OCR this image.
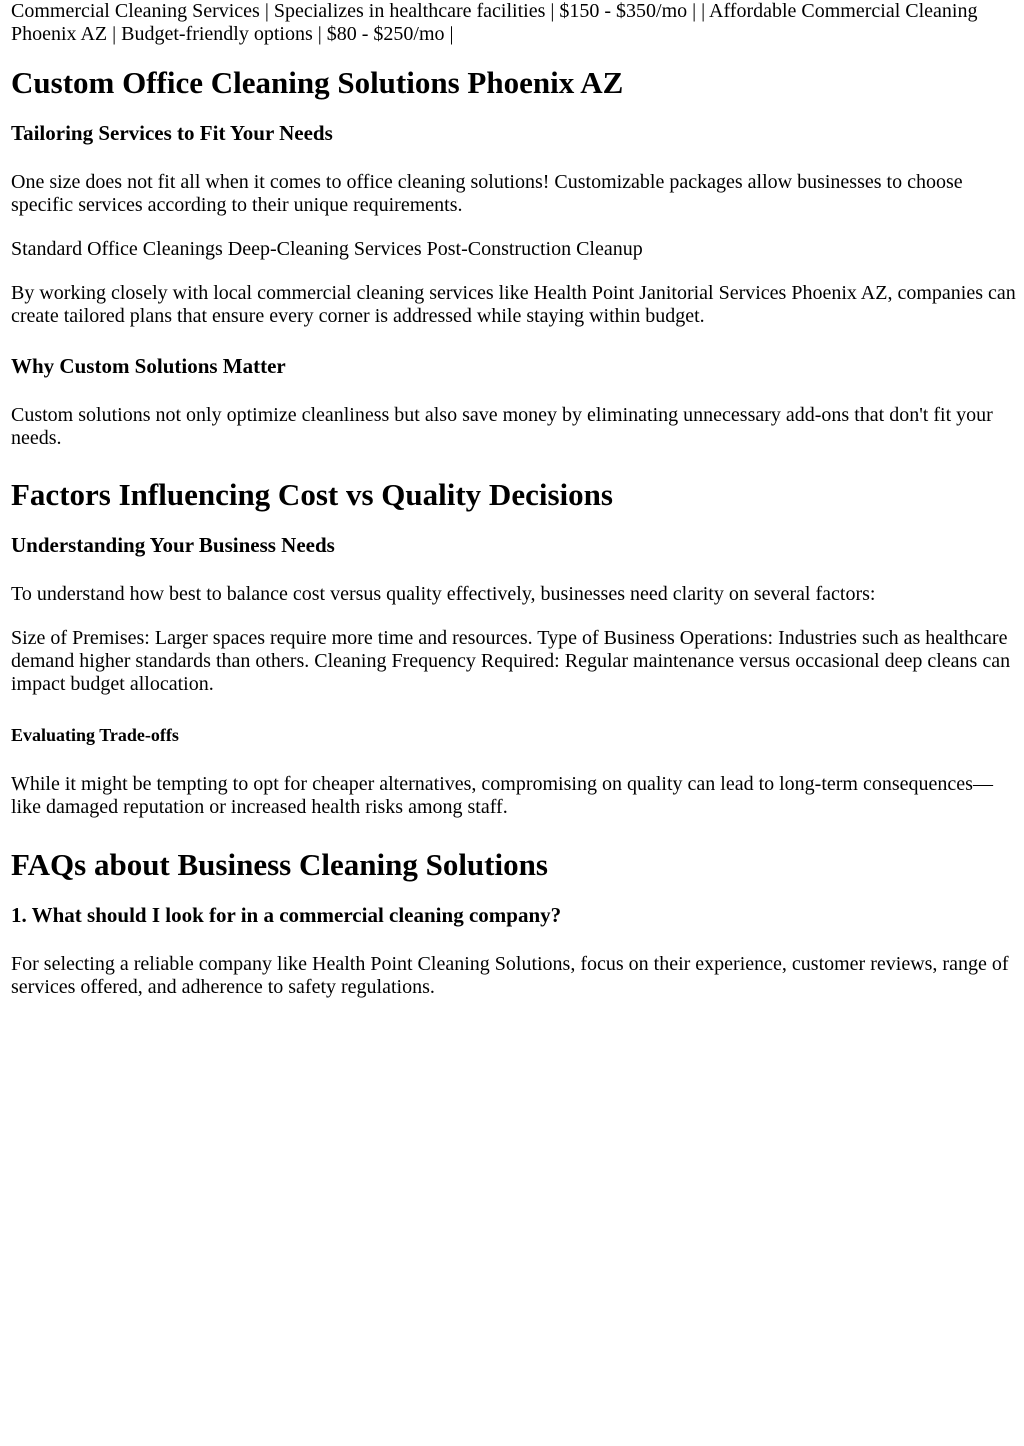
Commercial Cleaning Services | Specializes in healthcare facilities | $150 - $350/mo | | Affordable Commercial Cleaning Phoenix AZ | Budget-friendly options | $80 - $250/mo |

Custom Office Cleaning Solutions Phoenix AZ
Tailoring Services to Fit Your Needs

One size does not fit all when it comes to office cleaning solutions! Customizable packages allow businesses to choose specific services according to their unique requirements.

Standard Office Cleanings Deep-Cleaning Services Post-Construction Cleanup

By working closely with local commercial cleaning services like Health Point Janitorial Services Phoenix AZ, companies can create tailored plans that ensure every corner is addressed while staying within budget.

Why Custom Solutions Matter

Custom solutions not only optimize cleanliness but also save money by eliminating unnecessary add-ons that don't fit your needs.

Factors Influencing Cost vs Quality Decisions
Understanding Your Business Needs

To understand how best to balance cost versus quality effectively, businesses need clarity on several factors:

Size of Premises: Larger spaces require more time and resources. Type of Business Operations: Industries such as healthcare demand higher standards than others. Cleaning Frequency Required: Regular maintenance versus occasional deep cleans can impact budget allocation.

Evaluating Trade-offs

While it might be tempting to opt for cheaper alternatives, compromising on quality can lead to long-term consequences—like damaged reputation or increased health risks among staff.

FAQs about Business Cleaning Solutions
1. What should I look for in a commercial cleaning company?

For selecting a reliable company like Health Point Cleaning Solutions, focus on their experience, customer reviews, range of services offered, and adherence to safety regulations.
